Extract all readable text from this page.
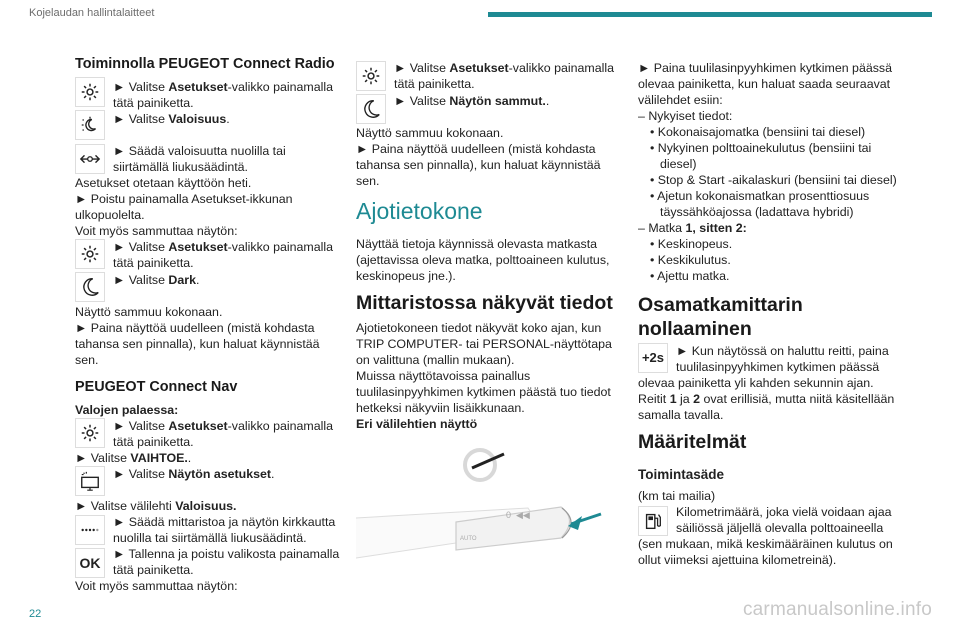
Kojelaudan hallintalaitteet
Toiminnolla PEUGEOT Connect Radio
► Valitse Asetukset-valikko painamalla
tätä painiketta.
► Valitse Valoisuus.
► Säädä valoisuutta nuolilla tai
siirtämällä liukusäädintä.
Asetukset otetaan käyttöön heti.
► Poistu painamalla Asetukset-ikkunan
ulkopuolelta.
Voit myös sammuttaa näytön:
► Valitse Asetukset-valikko painamalla
tätä painiketta.
► Valitse Dark.
Näyttö sammuu kokonaan.
► Paina näyttöä uudelleen (mistä kohdasta
tahansa sen pinnalla), kun haluat käynnistää
sen.
PEUGEOT Connect Nav
Valojen palaessa:
► Valitse Asetukset-valikko painamalla
tätä painiketta.
► Valitse VAIHTOE..
► Valitse Näytön asetukset.
► Valitse välilehti Valoisuus.
► Säädä mittaristoa ja näytön kirkkautta
nuolilla tai siirtämällä liukusäädintä.
OK
► Tallenna ja poistu valikosta painamalla
tätä painiketta.
Voit myös sammuttaa näytön:
► Valitse Asetukset-valikko painamalla
tätä painiketta.
► Valitse Näytön sammut..
Näyttö sammuu kokonaan.
► Paina näyttöä uudelleen (mistä kohdasta
tahansa sen pinnalla), kun haluat käynnistää
sen.
Ajotietokone
Näyttää tietoja käynnissä olevasta matkasta
(ajettavissa oleva matka, polttoaineen kulutus,
keskinopeus jne.).
Mittaristossa näkyvät tiedot
Ajotietokoneen tiedot näkyvät koko ajan, kun
TRIP COMPUTER- tai PERSONAL-näyttötapa
on valittuna (mallin mukaan).
Muissa näyttötavoissa painallus
tuulilasinpyyhkimen kytkimen päästä tuo tiedot
hetkeksi näkyviin lisäikkunaan.
Eri välilehtien näyttö
0 ◀◀
AUTO
► Paina tuulilasinpyyhkimen kytkimen päässä
olevaa painiketta, kun haluat saada seuraavat
välilehdet esiin:
– Nykyiset tiedot:
• Kokonaisajomatka (bensiini tai diesel)
• Nykyinen polttoainekulutus (bensiini tai
diesel)
• Stop & Start -aikalaskuri (bensiini tai diesel)
• Ajetun kokonaismatkan prosenttiosuus
täyssähköajossa (ladattava hybridi)
– Matka 1, sitten 2:
• Keskinopeus.
• Keskikulutus.
• Ajettu matka.
Osamatkamittarin
nollaaminen
+2s ► Kun näytössä on haluttu reitti, paina
tuulilasinpyyhkimen kytkimen päässä
olevaa painiketta yli kahden sekunnin ajan.
Reitit 1 ja 2 ovat erillisiä, mutta niitä käsitellään
samalla tavalla.
Määritelmät
Toimintasäde
(km tai mailia)
Kilometrimäärä, joka vielä voidaan ajaa
säiliössä jäljellä olevalla polttoaineella
(sen mukaan, mikä keskimääräinen kulutus on
ollut viimeksi ajettuina kilometreinä).
22	carmanualsonline.info
